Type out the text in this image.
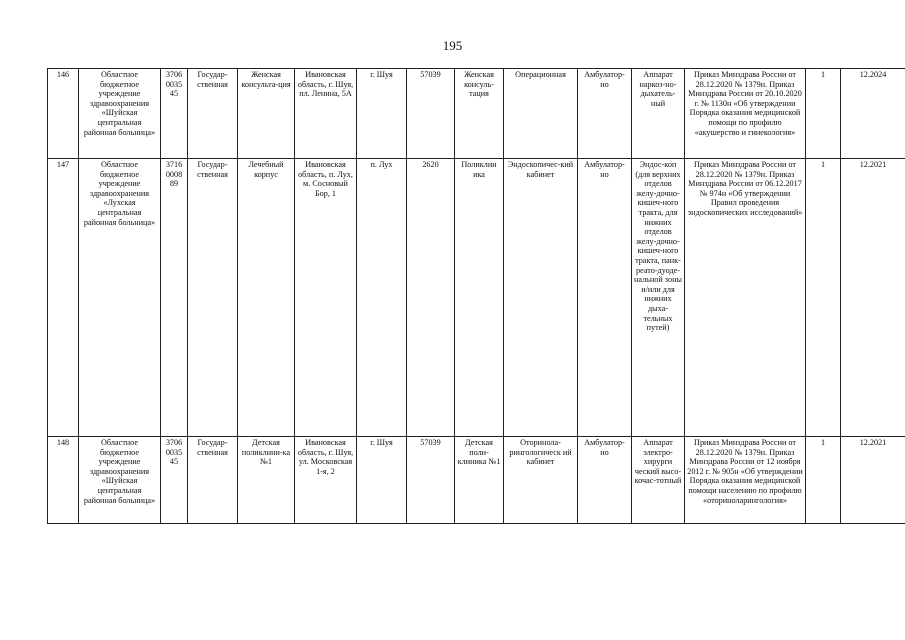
195
146	Областное бюджетное учреждение здравоохранения «Шуйская центральная районная больница»	3706 0035 45	Государ-ственная	Женская консульта-ция	Ивановская область, г. Шуя, пл. Ленина, 5А	г. Шуя	57039	Женская консуль-тация	Операционная	Амбулатор-но	Аппарат наркоз-но-дыхатель-ный	Приказ Минздрава России от 28.12.2020 № 1379н. Приказ Минздрава России от 20.10.2020 г. № 1130н «Об утверждении Порядка оказания медицинской помощи по профилю «акушерство и гинекология»	1	12.2024
147	Областное бюджетное учреждение здравоохранения «Лухская центральная районная больница»	3716 0008 89	Государ-ственная	Лечебный корпус	Ивановская область, п. Лух, м. Сосновый Бор, 1	п. Лух	2620	Поликлин ика	Эндоскопичес-кий кабинет	Амбулатор-но	Эндос-коп (для верхних отделов желу-дочно-кишеч-ного тракта, для нижних отделов желу-дочно-кишеч-ного тракта, панк-реато-дуоде-нальной зоны и/или для нижних дыха-тельных путей)	Приказ Минздрава России от 28.12.2020 № 1379н. Приказ Минздрава России от 06.12.2017 № 974н «Об утверждении Правил проведения эндоскопических исследований»	1	12.2021
148	Областное бюджетное учреждение здравоохранения «Шуйская центральная районная больница»	3706 0035 45	Государ-ственная	Детская поликлини-ка №1	Ивановская область, г. Шуя, ул. Московская 1-я, 2	г. Шуя	57039	Детская поли-клиника №1	Оторинола-рингологическ ий кабинет	Амбулатор-но	Аппарат электро-хирурги ческий высо-кочас-тотный	Приказ Минздрава России от 28.12.2020 № 1379н. Приказ Минздрава России от 12 ноября 2012 г. № 905н «Об утверждении Порядка оказания медицинской помощи населению по профилю «оториноларингология»	1	12.2021
